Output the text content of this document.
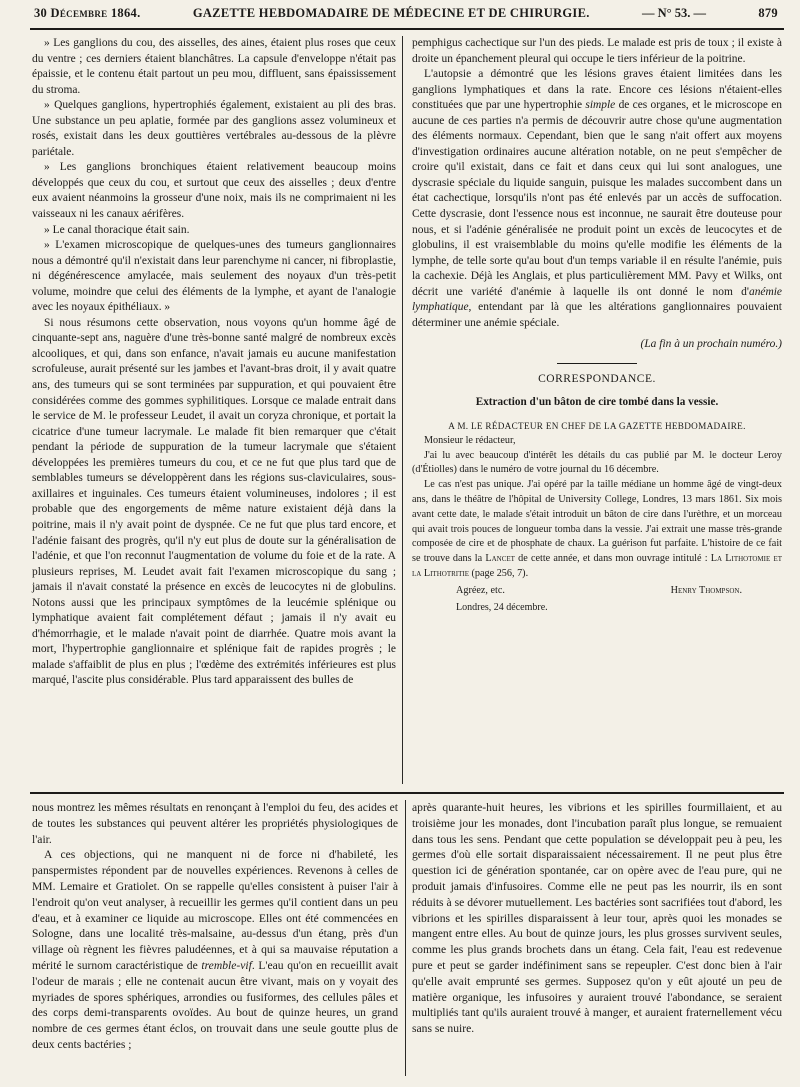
30 Décembre 1864.	GAZETTE HEBDOMADAIRE DE MÉDECINE ET DE CHIRURGIE.	— N° 53. —	879

» Les ganglions du cou, des aisselles, des aines, étaient plus roses que ceux du ventre ; ces derniers étaient blanchâtres. La capsule d'enveloppe n'était pas épaissie, et le contenu était partout un peu mou, diffluent, sans épaississement du stroma.

» Quelques ganglions, hypertrophiés également, existaient au pli des bras. Une substance un peu aplatie, formée par des ganglions assez volumineux et rosés, existait dans les deux gouttières vertébrales au-dessous de la plèvre pariétale.

» Les ganglions bronchiques étaient relativement beaucoup moins développés que ceux du cou, et surtout que ceux des aisselles ; deux d'entre eux avaient néanmoins la grosseur d'une noix, mais ils ne comprimaient ni les vaisseaux ni les canaux aérifères.

» Le canal thoracique était sain.

» L'examen microscopique de quelques-unes des tumeurs ganglionnaires nous a démontré qu'il n'existait dans leur parenchyme ni cancer, ni fibroplastie, ni dégénérescence amylacée, mais seulement des noyaux d'un très-petit volume, moindre que celui des éléments de la lymphe, et ayant de l'analogie avec les noyaux épithéliaux. »

Si nous résumons cette observation, nous voyons qu'un homme âgé de cinquante-sept ans, naguère d'une très-bonne santé malgré de nombreux excès alcooliques, et qui, dans son enfance, n'avait jamais eu aucune manifestation scrofuleuse, aurait présenté sur les jambes et l'avant-bras droit, il y avait quatre ans, des tumeurs qui se sont terminées par suppuration, et qui pouvaient être considérées comme des gommes syphilitiques. Lorsque ce malade entrait dans le service de M. le professeur Leudet, il avait un coryza chronique, et portait la cicatrice d'une tumeur lacrymale. Le malade fit bien remarquer que c'était pendant la période de suppuration de la tumeur lacrymale que s'étaient développées les premières tumeurs du cou, et ce ne fut que plus tard que de semblables tumeurs se développèrent dans les régions sus-claviculaires, sous-axillaires et inguinales. Ces tumeurs étaient volumineuses, indolores ; il est probable que des engorgements de même nature existaient déjà dans la poitrine, mais il n'y avait point de dyspnée. Ce ne fut que plus tard encore, et l'adénie faisant des progrès, qu'il n'y eut plus de doute sur la généralisation de l'adénie, et que l'on reconnut l'augmentation de volume du foie et de la rate. A plusieurs reprises, M. Leudet avait fait l'examen microscopique du sang ; jamais il n'avait constaté la présence en excès de leucocytes ni de globulins. Notons aussi que les principaux symptômes de la leucémie splénique ou lymphatique avaient fait complétement défaut ; jamais il n'y avait eu d'hémorrhagie, et le malade n'avait point de diarrhée. Quatre mois avant la mort, l'hypertrophie ganglionnaire et splénique fait de rapides progrès ; le malade s'affaiblit de plus en plus ; l'œdème des extrémités inférieures est plus marqué, l'ascite plus considérable. Plus tard apparaissent des bulles de

pemphigus cachectique sur l'un des pieds. Le malade est pris de toux ; il existe à droite un épanchement pleural qui occupe le tiers inférieur de la poitrine.

L'autopsie a démontré que les lésions graves étaient limitées dans les ganglions lymphatiques et dans la rate. Encore ces lésions n'étaient-elles constituées que par une hypertrophie simple de ces organes, et le microscope en aucune de ces parties n'a permis de découvrir autre chose qu'une augmentation des éléments normaux. Cependant, bien que le sang n'ait offert aux moyens d'investigation ordinaires aucune altération notable, on ne peut s'empêcher de croire qu'il existait, dans ce fait et dans ceux qui lui sont analogues, une dyscrasie spéciale du liquide sanguin, puisque les malades succombent dans un état cachectique, lorsqu'ils n'ont pas été enlevés par un accès de suffocation. Cette dyscrasie, dont l'essence nous est inconnue, ne saurait être douteuse pour nous, et si l'adénie généralisée ne produit point un excès de leucocytes et de globulins, il est vraisemblable du moins qu'elle modifie les éléments de la lymphe, de telle sorte qu'au bout d'un temps variable il en résulte l'anémie, puis la cachexie. Déjà les Anglais, et plus particulièrement MM. Pavy et Wilks, ont décrit une variété d'anémie à laquelle ils ont donné le nom d'anémie lymphatique, entendant par là que les altérations ganglionnaires pouvaient déterminer une anémie spéciale.

(La fin à un prochain numéro.)
CORRESPONDANCE.
Extraction d'un bâton de cire tombé dans la vessie.

A M. LE RÉDACTEUR EN CHEF DE LA GAZETTE HEBDOMADAIRE.

Monsieur le rédacteur,

J'ai lu avec beaucoup d'intérêt les détails du cas publié par M. le docteur Leroy (d'Étiolles) dans le numéro de votre journal du 16 décembre.

Le cas n'est pas unique. J'ai opéré par la taille médiane un homme âgé de vingt-deux ans, dans le théâtre de l'hôpital de University College, Londres, 13 mars 1861. Six mois avant cette date, le malade s'était introduit un bâton de cire dans l'urèthre, et un morceau qui avait trois pouces de longueur tomba dans la vessie. J'ai extrait une masse très-grande composée de cire et de phosphate de chaux. La guérison fut parfaite. L'histoire de ce fait se trouve dans la Lancet de cette année, et dans mon ouvrage intitulé : La Lithotomie et la Lithotritie (page 256, 7).

Agréez, etc.	Henry Thompson.
Londres, 24 décembre.

nous montrez les mêmes résultats en renonçant à l'emploi du feu, des acides et de toutes les substances qui peuvent altérer les propriétés physiologiques de l'air.

A ces objections, qui ne manquent ni de force ni d'habileté, les panspermistes répondent par de nouvelles expériences. Revenons à celles de MM. Lemaire et Gratiolet. On se rappelle qu'elles consistent à puiser l'air à l'endroit qu'on veut analyser, à recueillir les germes qu'il contient dans un peu d'eau, et à examiner ce liquide au microscope. Elles ont été commencées en Sologne, dans une localité très-malsaine, au-dessus d'un étang, près d'un village où règnent les fièvres paludéennes, et à qui sa mauvaise réputation a mérité le surnom caractéristique de tremble-vif. L'eau qu'on en recueillit avait l'odeur de marais ; elle ne contenait aucun être vivant, mais on y voyait des myriades de spores sphériques, arrondies ou fusiformes, des cellules pâles et des corps demi-transparents ovoïdes. Au bout de quinze heures, un grand nombre de ces germes étant éclos, on trouvait dans une seule goutte plus de deux cents bactéries ;

après quarante-huit heures, les vibrions et les spirilles fourmillaient, et au troisième jour les monades, dont l'incubation paraît plus longue, se remuaient dans tous les sens. Pendant que cette population se développait peu à peu, les germes d'où elle sortait disparaissaient nécessairement. Il ne peut plus être question ici de génération spontanée, car on opère avec de l'eau pure, qui ne produit jamais d'infusoires. Comme elle ne peut pas les nourrir, ils en sont réduits à se dévorer mutuellement. Les bactéries sont sacrifiées tout d'abord, les vibrions et les spirilles disparaissent à leur tour, après quoi les monades se mangent entre elles. Au bout de quinze jours, les plus grosses survivent seules, comme les plus grands brochets dans un étang. Cela fait, l'eau est redevenue pure et peut se garder indéfiniment sans se repeupler. C'est donc bien à l'air qu'elle avait emprunté ses germes. Supposez qu'on y eût ajouté un peu de matière organique, les infusoires y auraient trouvé l'abondance, se seraient multipliés tant qu'ils auraient trouvé à manger, et auraient fraternellement vécu sans se nuire.
